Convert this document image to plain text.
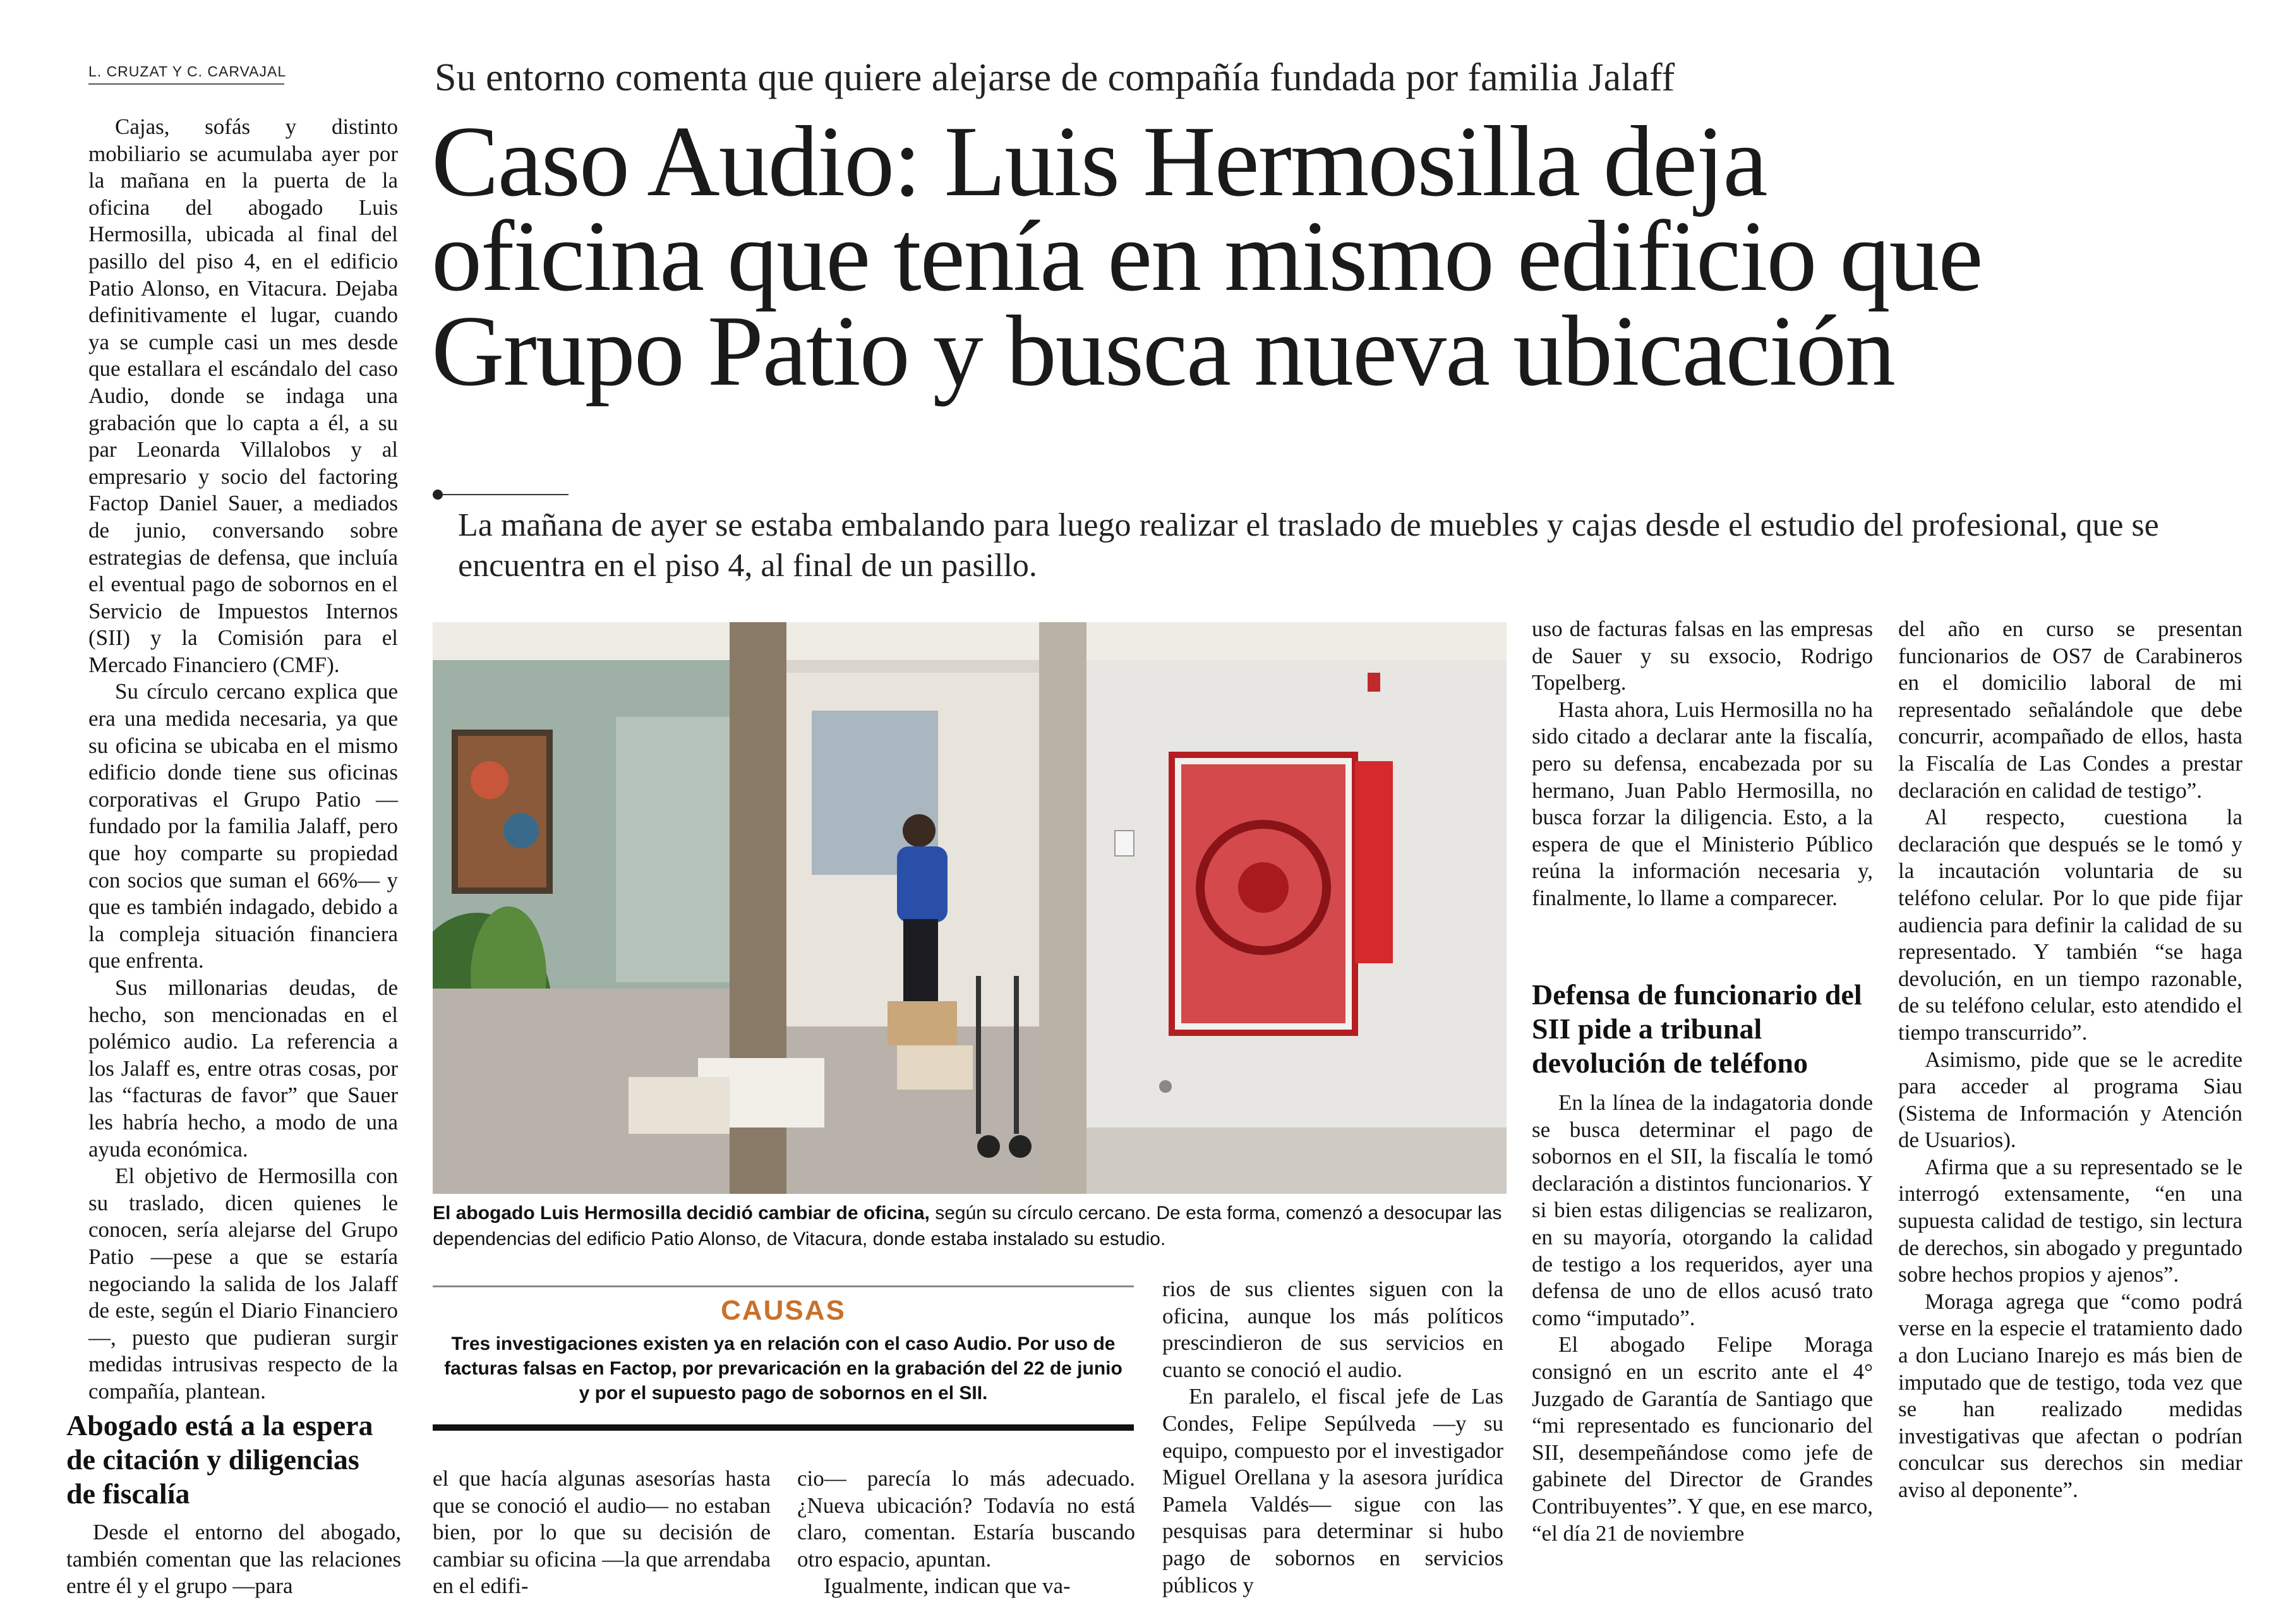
L. CRUZAT Y C. CARVAJAL

Cajas, sofás y distinto mobiliario se acumulaba ayer por la mañana en la puerta de la oficina del abogado Luis Hermosilla, ubicada al final del pasillo del piso 4, en el edificio Patio Alonso, en Vitacura. Dejaba definitivamente el lugar, cuando ya se cumple casi un mes desde que estallara el escándalo del caso Audio, donde se indaga una grabación que lo capta a él, a su par Leonarda Villalobos y al empresario y socio del factoring Factop Daniel Sauer, a mediados de junio, conversando sobre estrategias de defensa, que incluía el eventual pago de sobornos en el Servicio de Impuestos Internos (SII) y la Comisión para el Mercado Financiero (CMF).

Su círculo cercano explica que era una medida necesaria, ya que su oficina se ubicaba en el mismo edificio donde tiene sus oficinas corporativas el Grupo Patio —fundado por la familia Jalaff, pero que hoy comparte su propiedad con socios que suman el 66%— y que es también indagado, debido a la compleja situación financiera que enfrenta.

Sus millonarias deudas, de hecho, son mencionadas en el polémico audio. La referencia a los Jalaff es, entre otras cosas, por las “facturas de favor” que Sauer les habría hecho, a modo de una ayuda económica.

El objetivo de Hermosilla con su traslado, dicen quienes le conocen, sería alejarse del Grupo Patio —pese a que se estaría negociando la salida de los Jalaff de este, según el Diario Financiero—, puesto que pudieran surgir medidas intrusivas respecto de la compañía, plantean.

Abogado está a la espera de citación y diligencias de fiscalía

Desde el entorno del abogado, también comentan que las relaciones entre él y el grupo —para

Su entorno comenta que quiere alejarse de compañía fundada por familia Jalaff
Caso Audio: Luis Hermosilla deja
oficina que tenía en mismo edificio que
Grupo Patio y busca nueva ubicación
La mañana de ayer se estaba embalando para luego realizar el traslado de muebles y cajas desde el estudio del profesional, que se encuentra en el piso 4, al final de un pasillo.
El abogado Luis Hermosilla decidió cambiar de oficina, según su círculo cercano. De esta forma, comenzó a desocupar las dependencias del edificio Patio Alonso, de Vitacura, donde estaba instalado su estudio.
CAUSAS
Tres investigaciones existen ya en relación con el caso Audio. Por uso de facturas falsas en Factop, por prevaricación en la grabación del 22 de junio y por el supuesto pago de sobornos en el SII.

el que hacía algunas asesorías hasta que se conoció el audio— no estaban bien, por lo que su decisión de cambiar su oficina —la que arrendaba en el edifi-

cio— parecía lo más adecuado. ¿Nueva ubicación? Todavía no está claro, comentan. Estaría buscando otro espacio, apuntan.

Igualmente, indican que va-

rios de sus clientes siguen con la oficina, aunque los más políticos prescindieron de sus servicios en cuanto se conoció el audio.

En paralelo, el fiscal jefe de Las Condes, Felipe Sepúlveda —y su equipo, compuesto por el investigador Miguel Orellana y la asesora jurídica Pamela Valdés— sigue con las pesquisas para determinar si hubo pago de sobornos en servicios públicos y

uso de facturas falsas en las empresas de Sauer y su exsocio, Rodrigo Topelberg.

Hasta ahora, Luis Hermosilla no ha sido citado a declarar ante la fiscalía, pero su defensa, encabezada por su hermano, Juan Pablo Hermosilla, no busca forzar la diligencia. Esto, a la espera de que el Ministerio Público reúna la información necesaria y, finalmente, lo llame a comparecer.

Defensa de funcionario del SII pide a tribunal devolución de teléfono

En la línea de la indagatoria donde se busca determinar el pago de sobornos en el SII, la fiscalía le tomó declaración a distintos funcionarios. Y si bien estas diligencias se realizaron, en su mayoría, otorgando la calidad de testigo a los requeridos, ayer una defensa de uno de ellos acusó trato como “imputado”.

El abogado Felipe Moraga consignó en un escrito ante el 4° Juzgado de Garantía de Santiago que “mi representado es funcionario del SII, desempeñándose como jefe de gabinete del Director de Grandes Contribuyentes”. Y que, en ese marco, “el día 21 de noviembre

del año en curso se presentan funcionarios de OS7 de Carabineros en el domicilio laboral de mi representado señalándole que debe concurrir, acompañado de ellos, hasta la Fiscalía de Las Condes a prestar declaración en calidad de testigo”.

Al respecto, cuestiona la declaración que después se le tomó y la incautación voluntaria de su teléfono celular. Por lo que pide fijar audiencia para definir la calidad de su representado. Y también “se haga devolución, en un tiempo razonable, de su teléfono celular, esto atendido el tiempo transcurrido”.

Asimismo, pide que se le acredite para acceder al programa Siau (Sistema de Información y Atención de Usuarios).

Afirma que a su representado se le interrogó extensamente, “en una supuesta calidad de testigo, sin lectura de derechos, sin abogado y preguntado sobre hechos propios y ajenos”.

Moraga agrega que “como podrá verse en la especie el tratamiento dado a don Luciano Inarejo es más bien de imputado que de testigo, toda vez que se han realizado medidas investigativas que afectan o podrían conculcar sus derechos sin mediar aviso al deponente”.
